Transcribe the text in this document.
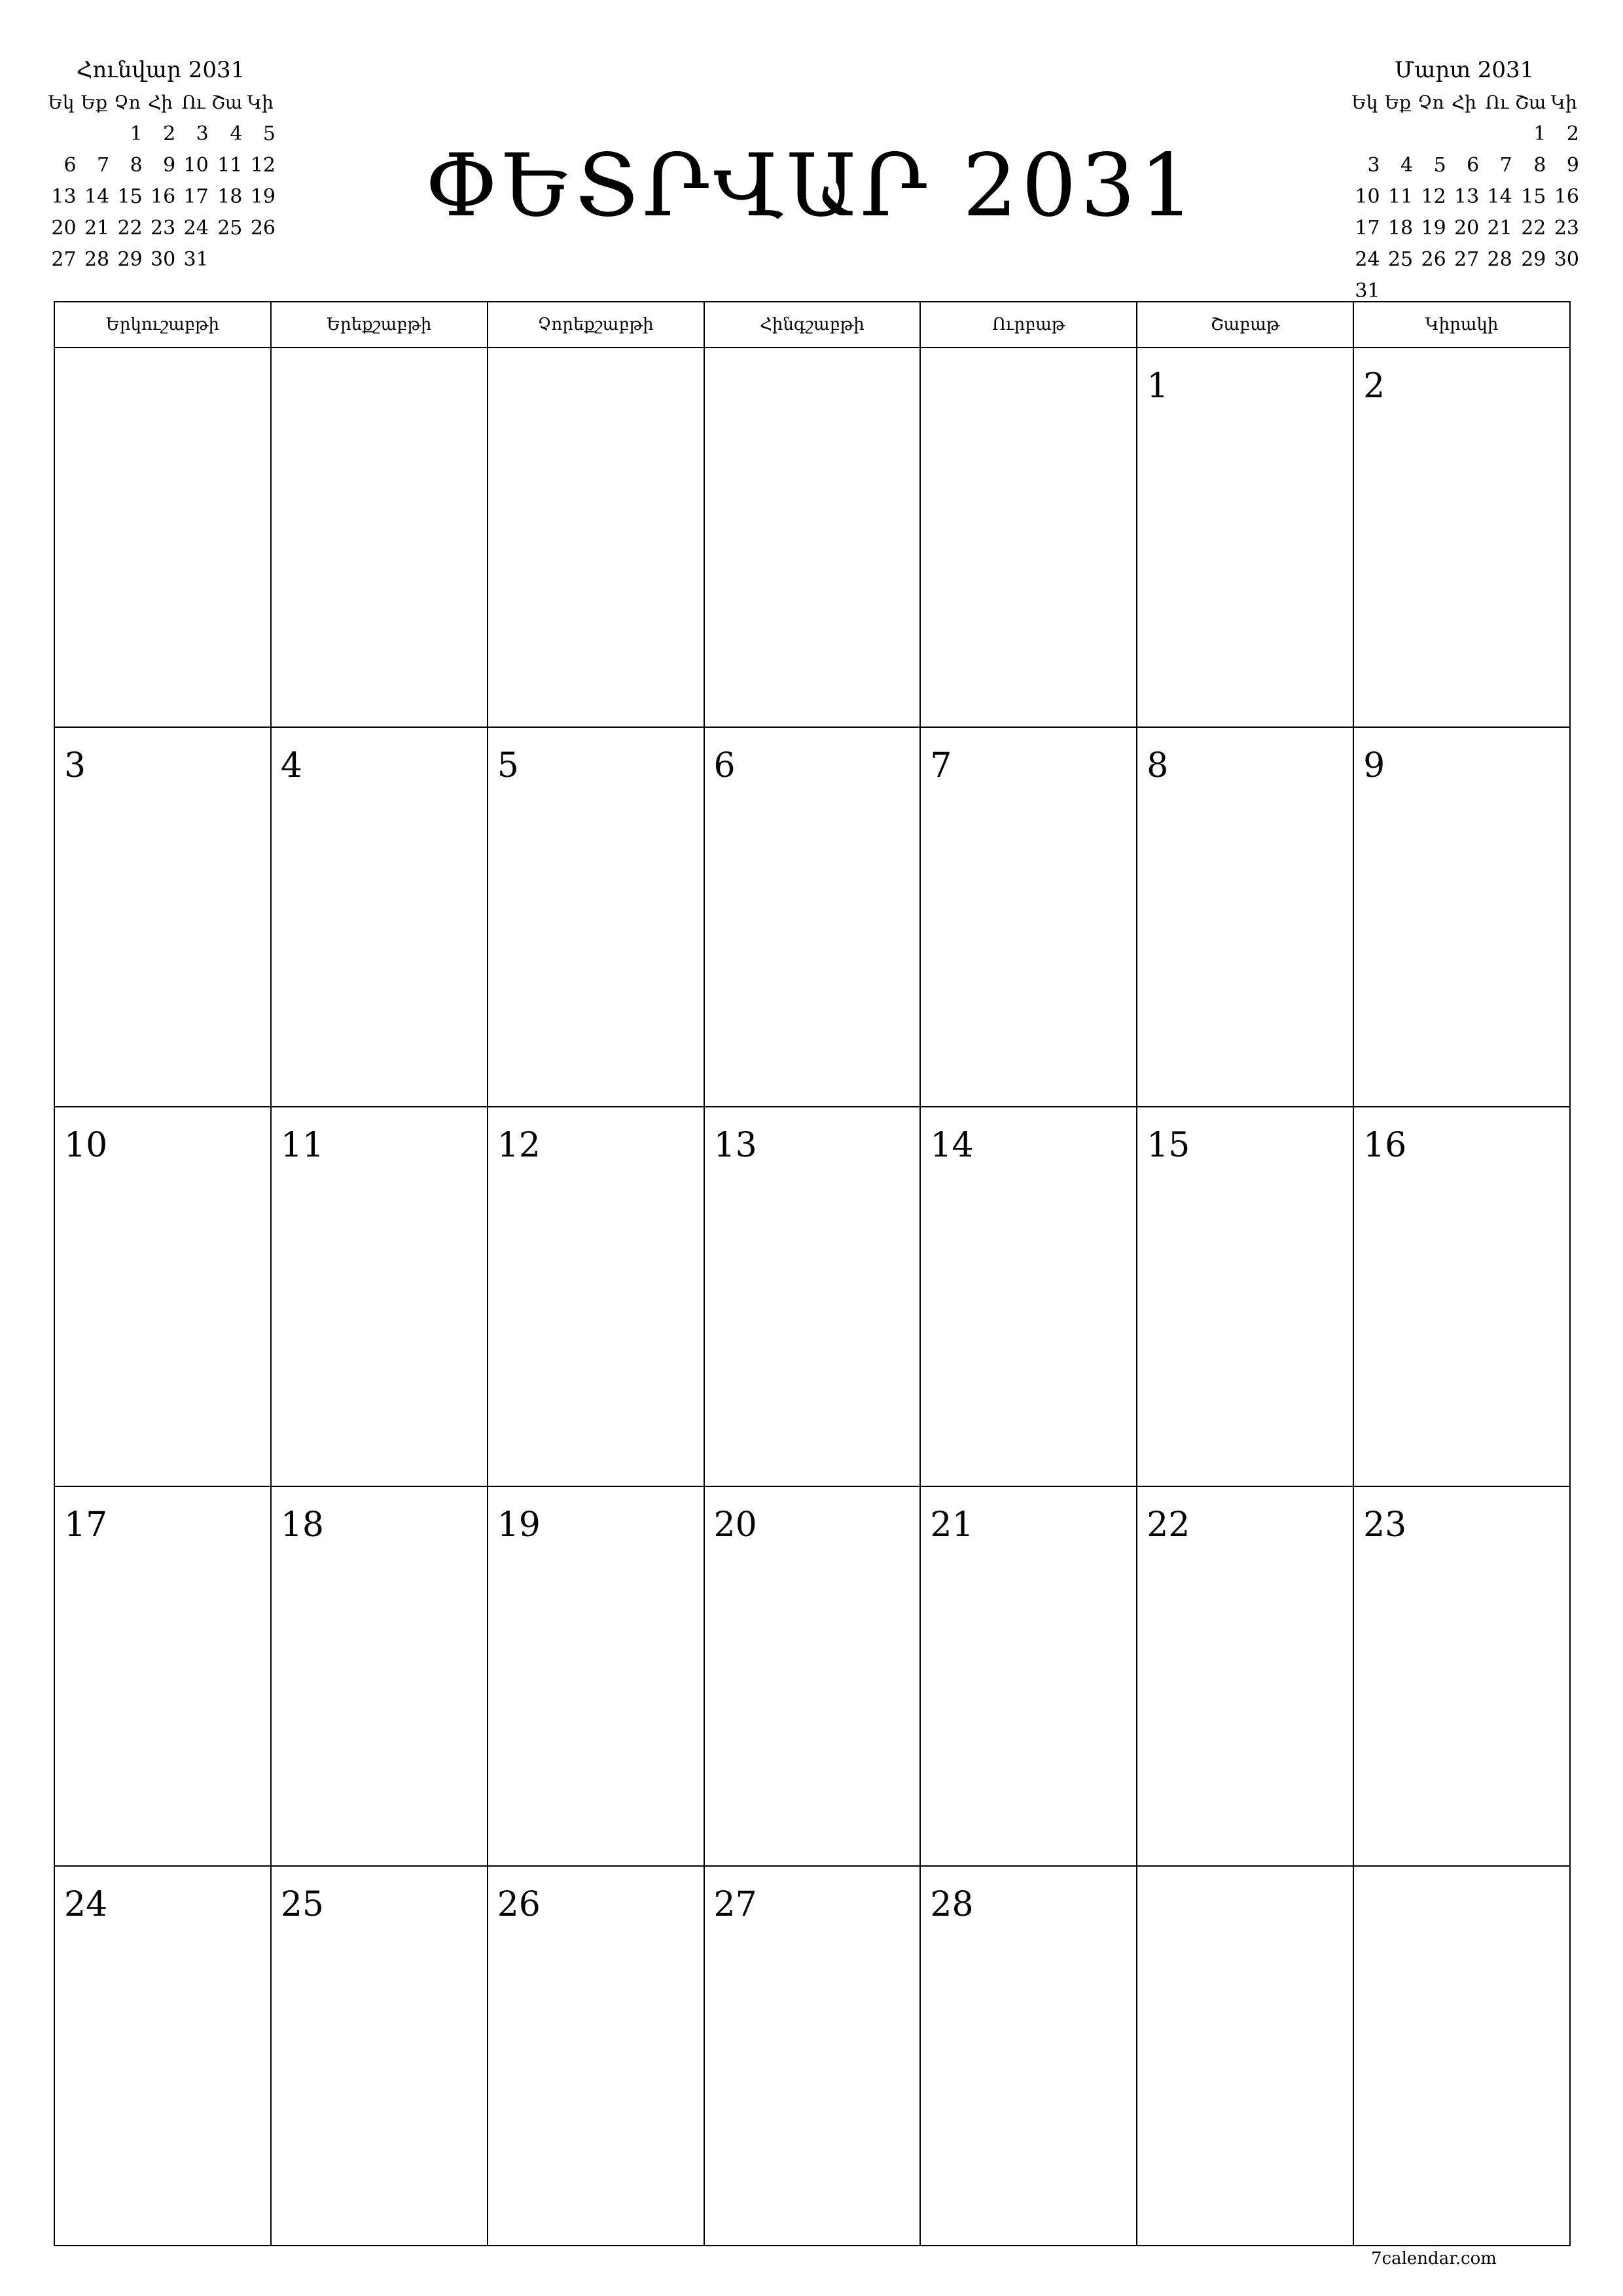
ՓԵՏՐՎԱՐ 2031
Հունվար 2031
Եկ	Եք	Չո	Հի	Ու	Շա	Կի
		1	2	3	4	5
6	7	8	9	10	11	12
13	14	15	16	17	18	19
20	21	22	23	24	25	26
27	28	29	30	31		
Մարտ 2031
Եկ	Եք	Չո	Հի	Ու	Շա	Կի
					1	2
3	4	5	6	7	8	9
10	11	12	13	14	15	16
17	18	19	20	21	22	23
24	25	26	27	28	29	30
31						
Երկուշաբթի	Երեքշաբթի	Չորեքշաբթի	Հինգշաբթի	Ուրբաթ	Շաբաթ	Կիրակի

					1	2

3	4	5	6	7	8	9

10	11	12	13	14	15	16

17	18	19	20	21	22	23

24	25	26	27	28		

7calendar.com
